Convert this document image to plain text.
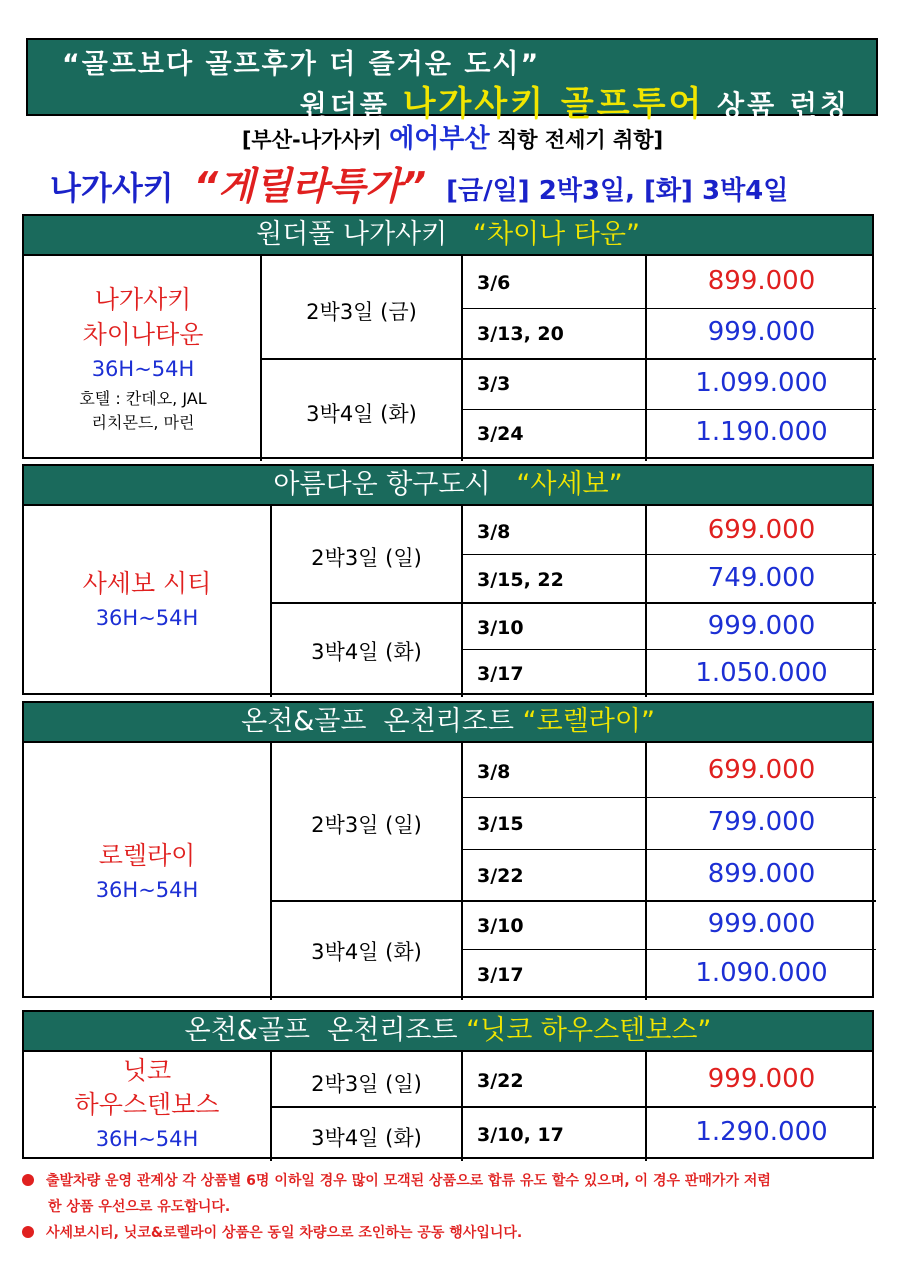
“골프보다 골프후가 더 즐거운 도시”
원더풀 나가사키 골프투어 상품 런칭
[부산-나가사키 에어부산 직항 전세기 취항]
나가사키 “게릴라특가” [금/일] 2박3일, [화] 3박4일
원더풀 나가사키 “차이나 타운”
나가사키
차이나타운
36H~54H
호텔 : 칸데오, JAL
리치몬드, 마린
2박3일 (금)
3박4일 (화)
3/6
3/13, 20
3/3
3/24
899.000
999.000
1.099.000
1.190.000
아름다운 항구도시 “사세보”
사세보 시티
36H~54H
2박3일 (일)
3박4일 (화)
3/8
3/15, 22
3/10
3/17
699.000
749.000
999.000
1.050.000
온천&골프  온천리조트 “로렐라이”
로렐라이
36H~54H
2박3일 (일)
3박4일 (화)
3/8
3/15
3/22
3/10
3/17
699.000
799.000
899.000
999.000
1.090.000
온천&골프  온천리조트 “닛코 하우스텐보스”
닛코
하우스텐보스
36H~54H
2박3일 (일)
3박4일 (화)
3/22
3/10, 17
999.000
1.290.000
출발차량 운영 관계상 각 상품별 6명 이하일 경우 많이 모객된 상품으로 합류 유도 할수 있으며, 이 경우 판매가가 저렴
한 상품 우선으로 유도합니다.
사세보시티, 닛코&로렐라이 상품은 동일 차량으로 조인하는 공동 행사입니다.
